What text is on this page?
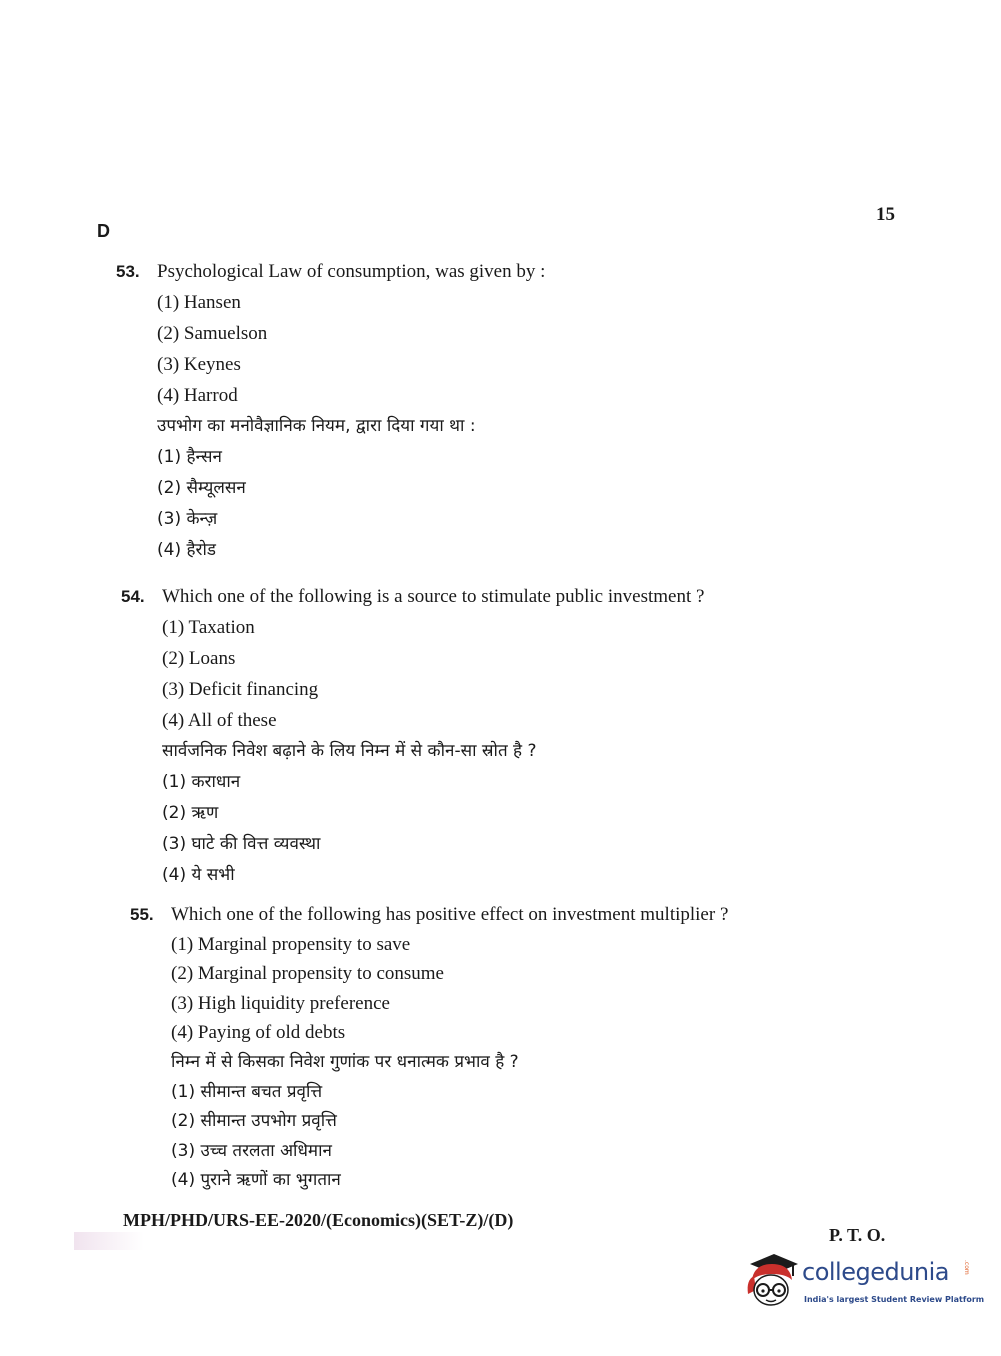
15
D
53. Psychological Law of consumption, was given by :
(1) Hansen
(2) Samuelson
(3) Keynes
(4) Harrod
उपभोग का मनोवैज्ञानिक नियम, द्वारा दिया गया था :
(1) हैन्सन
(2) सैम्यूलसन
(3) केन्ज़
(4) हैरोड
54. Which one of the following is a source to stimulate public investment ?
(1) Taxation
(2) Loans
(3) Deficit financing
(4) All of these
सार्वजनिक निवेश बढ़ाने के लिय निम्न में से कौन-सा स्रोत है ?
(1) कराधान
(2) ऋण
(3) घाटे की वित्त व्यवस्था
(4) ये सभी
55. Which one of the following has positive effect on investment multiplier ?
(1) Marginal propensity to save
(2) Marginal propensity to consume
(3) High liquidity preference
(4) Paying of old debts
निम्न में से किसका निवेश गुणांक पर धनात्मक प्रभाव है ?
(1) सीमान्त बचत प्रवृत्ति
(2) सीमान्त उपभोग प्रवृत्ति
(3) उच्च तरलता अधिमान
(4) पुराने ऋणों का भुगतान
MPH/PHD/URS-EE-2020/(Economics)(SET-Z)/(D)
P. T. O.
collegedunia .com
India's largest Student Review Platform
